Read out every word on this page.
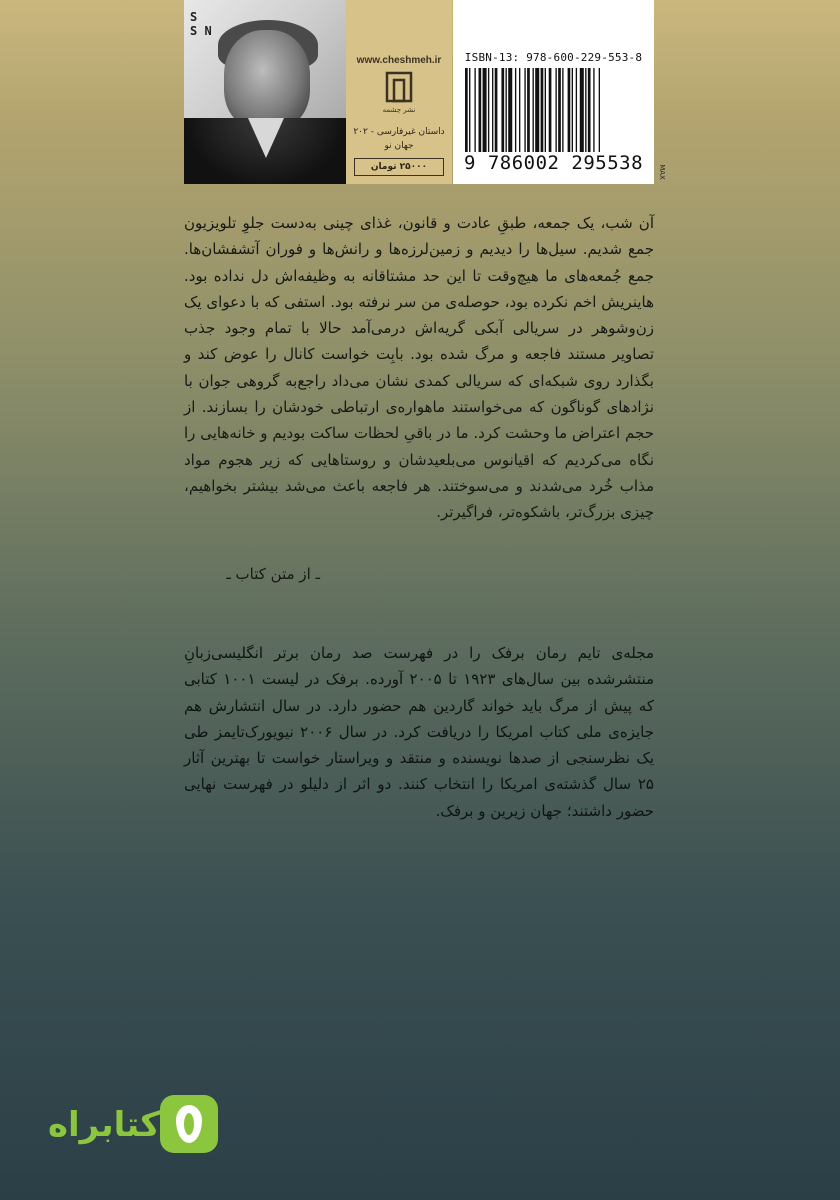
S
S N
www.cheshmeh.ir
نشر چشمه
داستان غیرفارسی - ۲۰۲
جهان نو
۲۵۰۰۰ تومان
ISBN-13: 978-600-229-553-8
9 786002 295538	MAX
آن شب، یک جمعه، طبقِ عادت و قانون، غذای چینی به‌دست جلوِ تلویزیون جمع شدیم. سیل‌ها را دیدیم و زمین‌لرزه‌ها و رانش‌ها و فوران آتشفشان‌ها. جمع جُمعه‌های ما هیچ‌وقت تا این حد مشتاقانه به وظیفه‌اش دل نداده بود. هاینریش اخم نکرده بود، حوصله‌ی من سر نرفته بود. استفی که با دعوای یک زن‌وشوهر در سریالی آبکی گریه‌اش درمی‌آمد حالا با تمام وجود جذب تصاویر مستند فاجعه و مرگ شده بود. بابِت خواست کانال را عوض کند و بگذارد روی شبکه‌ای که سریالی کمدی نشان می‌داد راجع‌به گروهی جوان با نژادهای گوناگون که می‌خواستند ماهواره‌ی ارتباطی خودشان را بسازند. از حجم اعتراض ما وحشت کرد. ما در باقیِ لحظات ساکت بودیم و خانه‌هایی را نگاه می‌کردیم که اقیانوس می‌بلعیدشان و روستاهایی که زیر هجوم مواد مذاب خُرد می‌شدند و می‌سوختند. هر فاجعه باعث می‌شد بیشتر بخواهیم، چیزی بزرگ‌تر، باشکوه‌تر، فراگیرتر.
ـ از متن کتاب ـ
مجله‌ی تایم رمان برفک را در فهرست صد رمان برتر انگلیسی‌زبانِ منتشرشده بین سال‌های ۱۹۲۳ تا ۲۰۰۵ آورده. برفک در لیست ۱۰۰۱ کتابی که پیش از مرگ باید خواند گاردین هم حضور دارد. در سال انتشارش هم جایزه‌ی ملی کتاب امریکا را دریافت کرد. در سال ۲۰۰۶ نیویورک‌تایمز طی یک نظرسنجی از صدها نویسنده و منتقد و ویراستار خواست تا بهترین آثار ۲۵ سال گذشته‌ی امریکا را انتخاب کنند. دو اثر از دلیلو در فهرست نهایی حضور داشتند؛ جهان زیرین و برفک.
کتابراه
